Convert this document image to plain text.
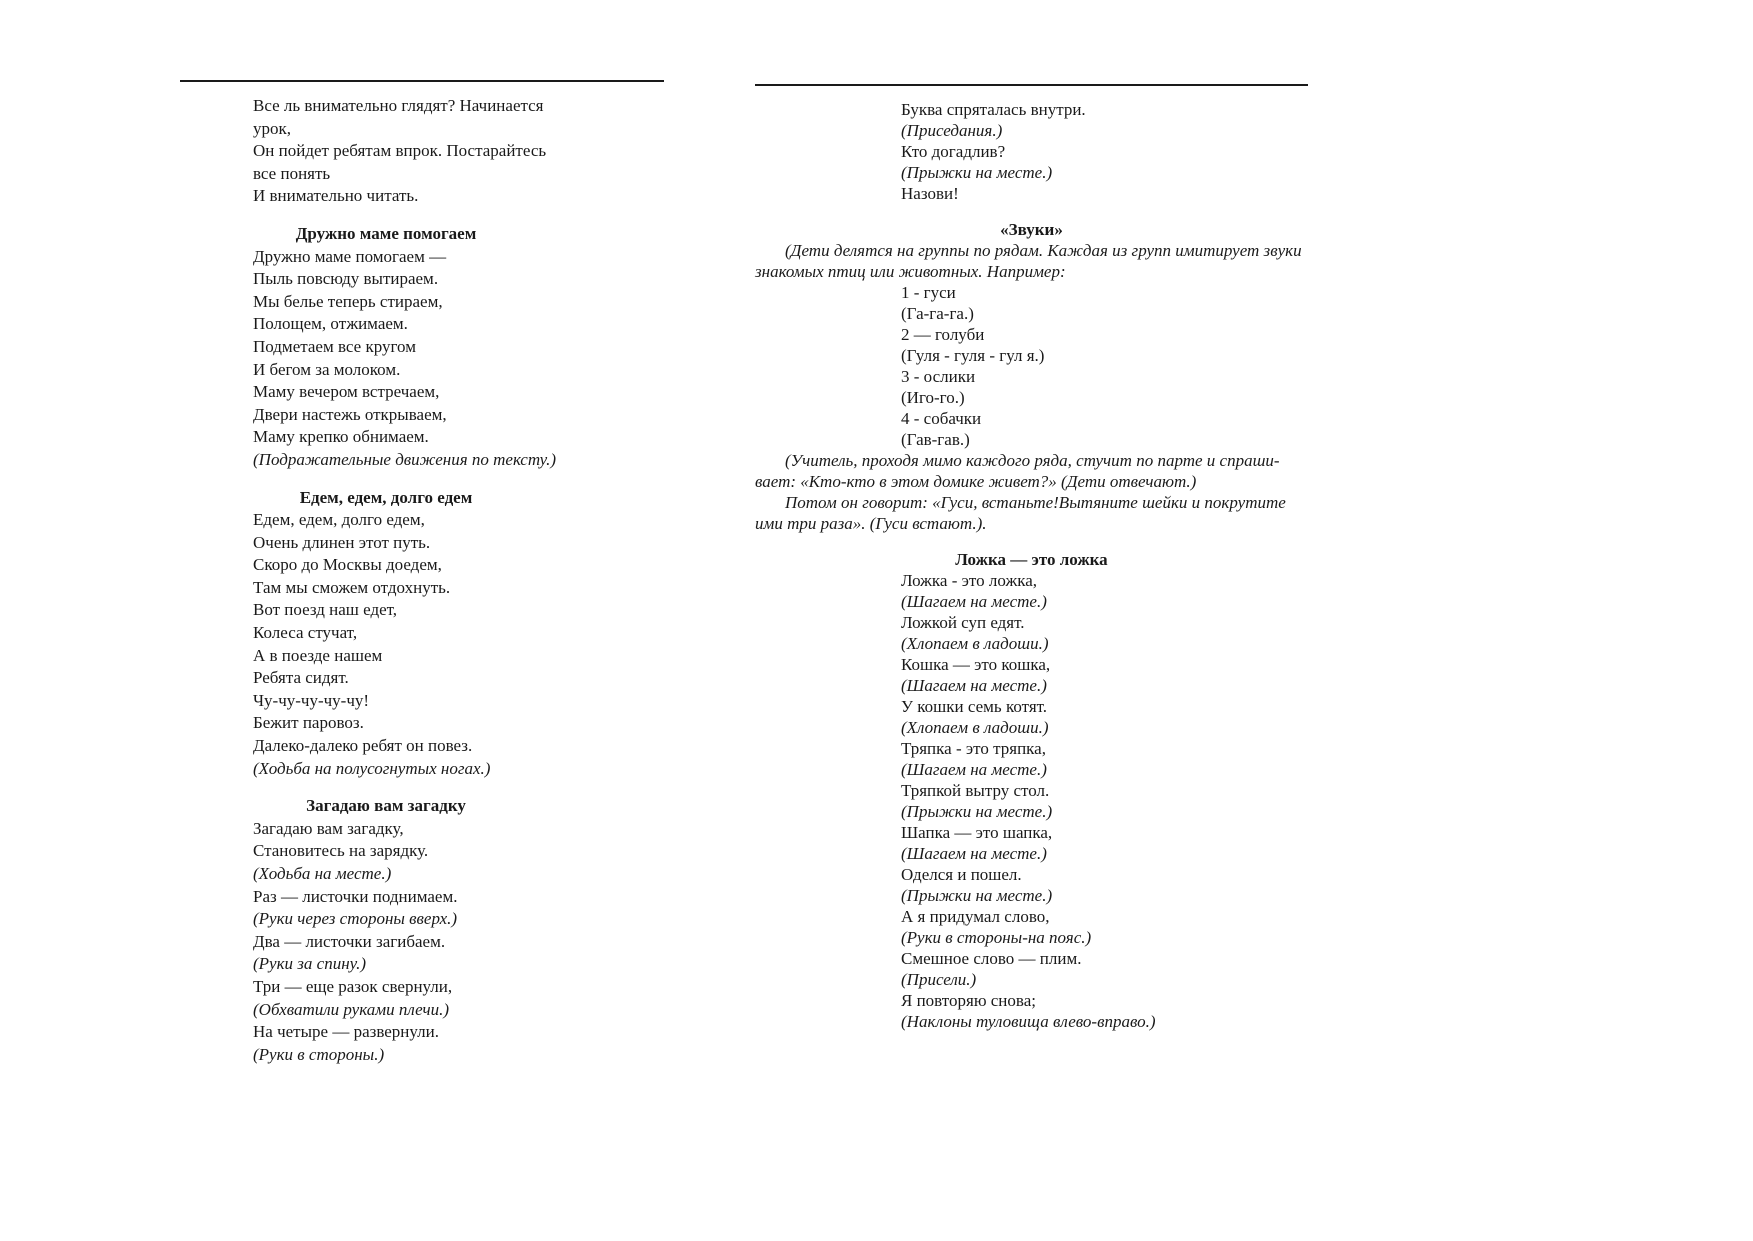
Все ль внимательно глядят? Начинается
урок,
Он пойдет ребятам впрок. Постарайтесь
все понять
И внимательно читать.
Дружно маме помогаем
Дружно маме помогаем —
Пыль повсюду вытираем.
Мы белье теперь стираем,
Полощем, отжимаем.
Подметаем все кругом
И бегом за молоком.
Маму вечером встречаем,
Двери настежь открываем,
Маму крепко обнимаем.
(Подражательные движения по тексту.)
Едем, едем, долго едем
Едем, едем, долго едем,
Очень длинен этот путь.
Скоро до Москвы доедем,
Там мы сможем отдохнуть.
Вот поезд наш едет,
Колеса стучат,
А в поезде нашем
Ребята сидят.
Чу-чу-чу-чу-чу!
Бежит паровоз.
Далеко-далеко ребят он повез.
(Ходьба на полусогнутых ногах.)
Загадаю вам загадку
Загадаю вам загадку,
Становитесь на зарядку.
(Ходьба на месте.)
Раз — листочки поднимаем.
(Руки через стороны вверх.)
Два — листочки загибаем.
(Руки за спину.)
Три — еще разок свернули,
(Обхватили руками плечи.)
На четыре — развернули.
(Руки в стороны.)
Буква спряталась внутри.
(Приседания.)
Кто догадлив?
(Прыжки на месте.)
Назови!
«Звуки»
(Дети делятся на группы по рядам. Каждая из групп имитирует звуки
знакомых птиц или животных. Например:
1 - гуси
(Га-га-га.)
2 — голуби
(Гуля - гуля - гул я.)
3 - ослики
(Иго-го.)
4 - собачки
(Гав-гав.)
(Учитель, проходя мимо каждого ряда, стучит по парте и спраши-
вает: «Кто-кто в этом домике живет?» (Дети отвечают.)
Потом он говорит: «Гуси, встаньте!Вытяните шейки и покрутите
ими три раза». (Гуси встают.).
Ложка — это ложка
Ложка - это ложка,
(Шагаем на месте.)
Ложкой суп едят.
(Хлопаем в ладоши.)
Кошка — это кошка,
(Шагаем на месте.)
У кошки семь котят.
(Хлопаем в ладоши.)
Тряпка - это тряпка,
(Шагаем на месте.)
Тряпкой вытру стол.
(Прыжки на месте.)
Шапка — это шапка,
(Шагаем на месте.)
Оделся и пошел.
(Прыжки на месте.)
А я придумал слово,
(Руки в стороны-на пояс.)
Смешное слово — плим.
(Присели.)
Я повторяю снова;
(Наклоны туловища влево-вправо.)
